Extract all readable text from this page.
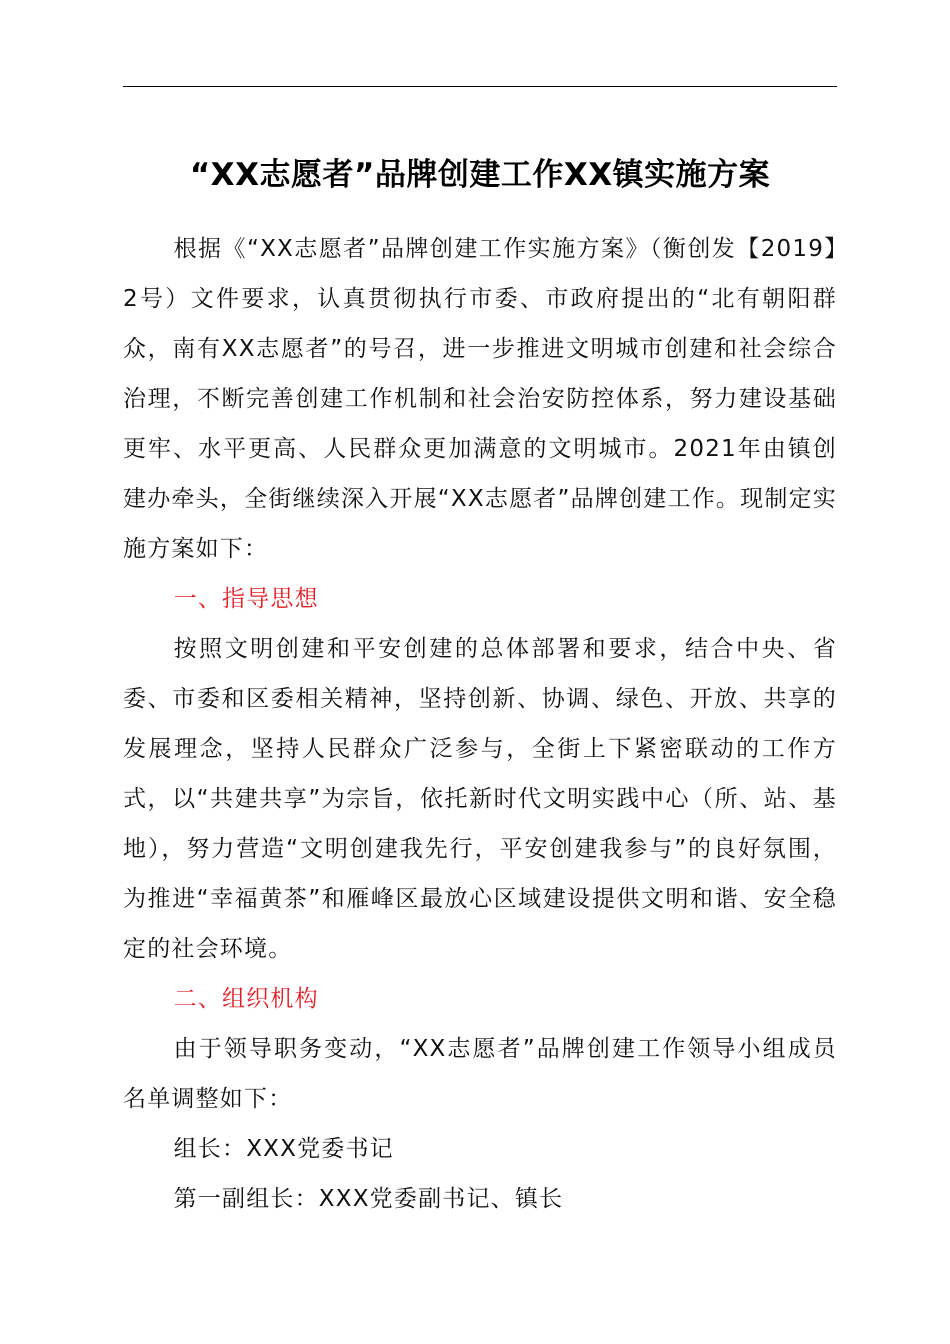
“XX志愿者”品牌创建工作XX镇实施方案

根据《“XX志愿者”品牌创建工作实施方案》（衡创发【2019】2号）文件要求，认真贯彻执行市委、市政府提出的“北有朝阳群众，南有XX志愿者”的号召，进一步推进文明城市创建和社会综合治理，不断完善创建工作机制和社会治安防控体系，努力建设基础更牢、水平更高、人民群众更加满意的文明城市。2021年由镇创建办牵头，全街继续深入开展“XX志愿者”品牌创建工作。现制定实施方案如下：

一、指导思想

按照文明创建和平安创建的总体部署和要求，结合中央、省委、市委和区委相关精神，坚持创新、协调、绿色、开放、共享的发展理念，坚持人民群众广泛参与，全街上下紧密联动的工作方式，以“共建共享”为宗旨，依托新时代文明实践中心（所、站、基地），努力营造“文明创建我先行，平安创建我参与”的良好氛围，为推进“幸福黄茶”和雁峰区最放心区域建设提供文明和谐、安全稳定的社会环境。

二、组织机构

由于领导职务变动，“XX志愿者”品牌创建工作领导小组成员名单调整如下：

组长：XXX党委书记

第一副组长：XXX党委副书记、镇长
